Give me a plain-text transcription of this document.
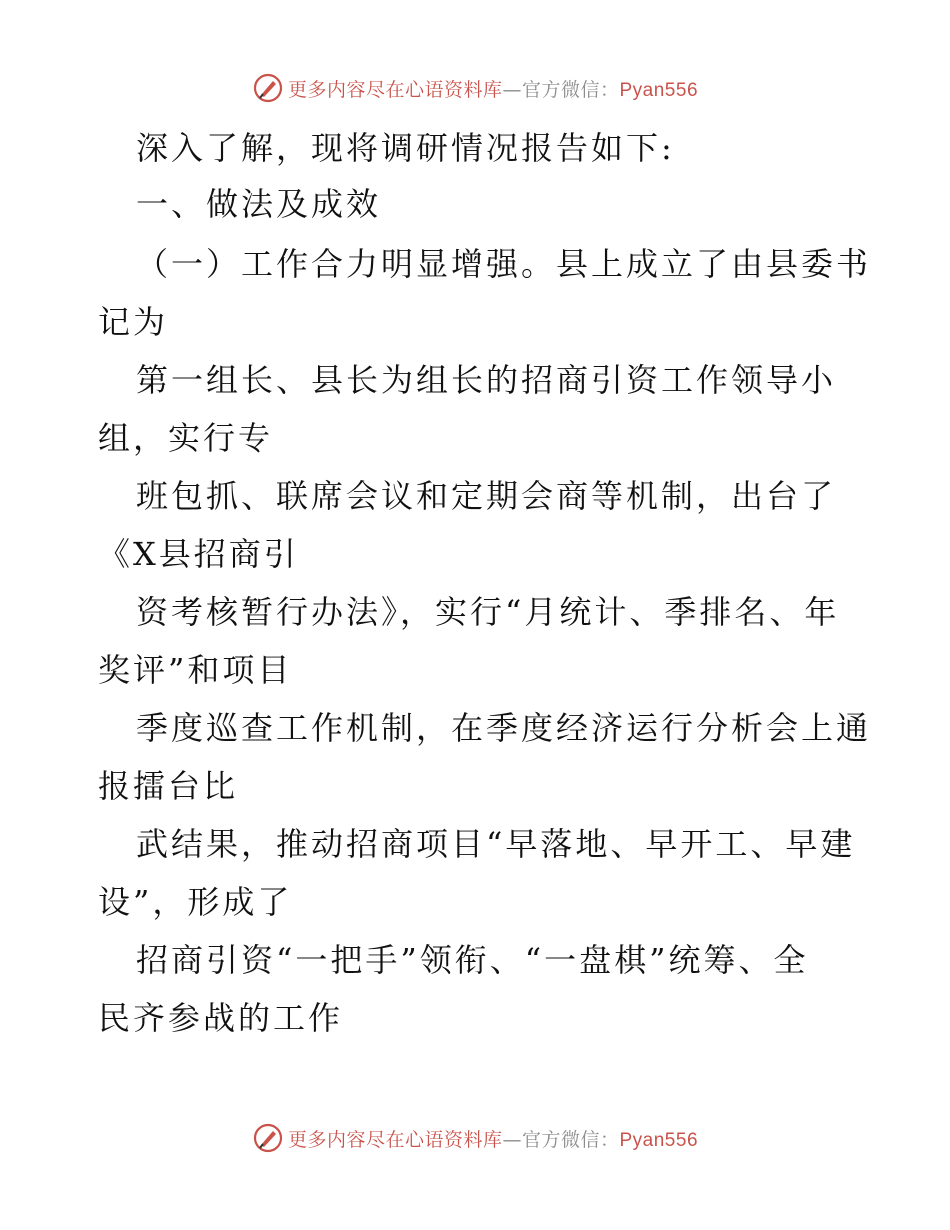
更多内容尽在心语资料库—官方微信：Pyan556
深入了解，现将调研情况报告如下:
一、做法及成效
（一）工作合力明显增强。县上成立了由县委书
记为
第一组长、县长为组长的招商引资工作领导小
组，实行专
班包抓、联席会议和定期会商等机制，出台了
《X县招商引
资考核暂行办法》，实行“月统计、季排名、年
奖评”和项目
季度巡查工作机制，在季度经济运行分析会上通
报擂台比
武结果，推动招商项目“早落地、早开工、早建
设”，形成了
招商引资“一把手”领衔、“一盘棋”统筹、全
民齐参战的工作
更多内容尽在心语资料库—官方微信：Pyan556
